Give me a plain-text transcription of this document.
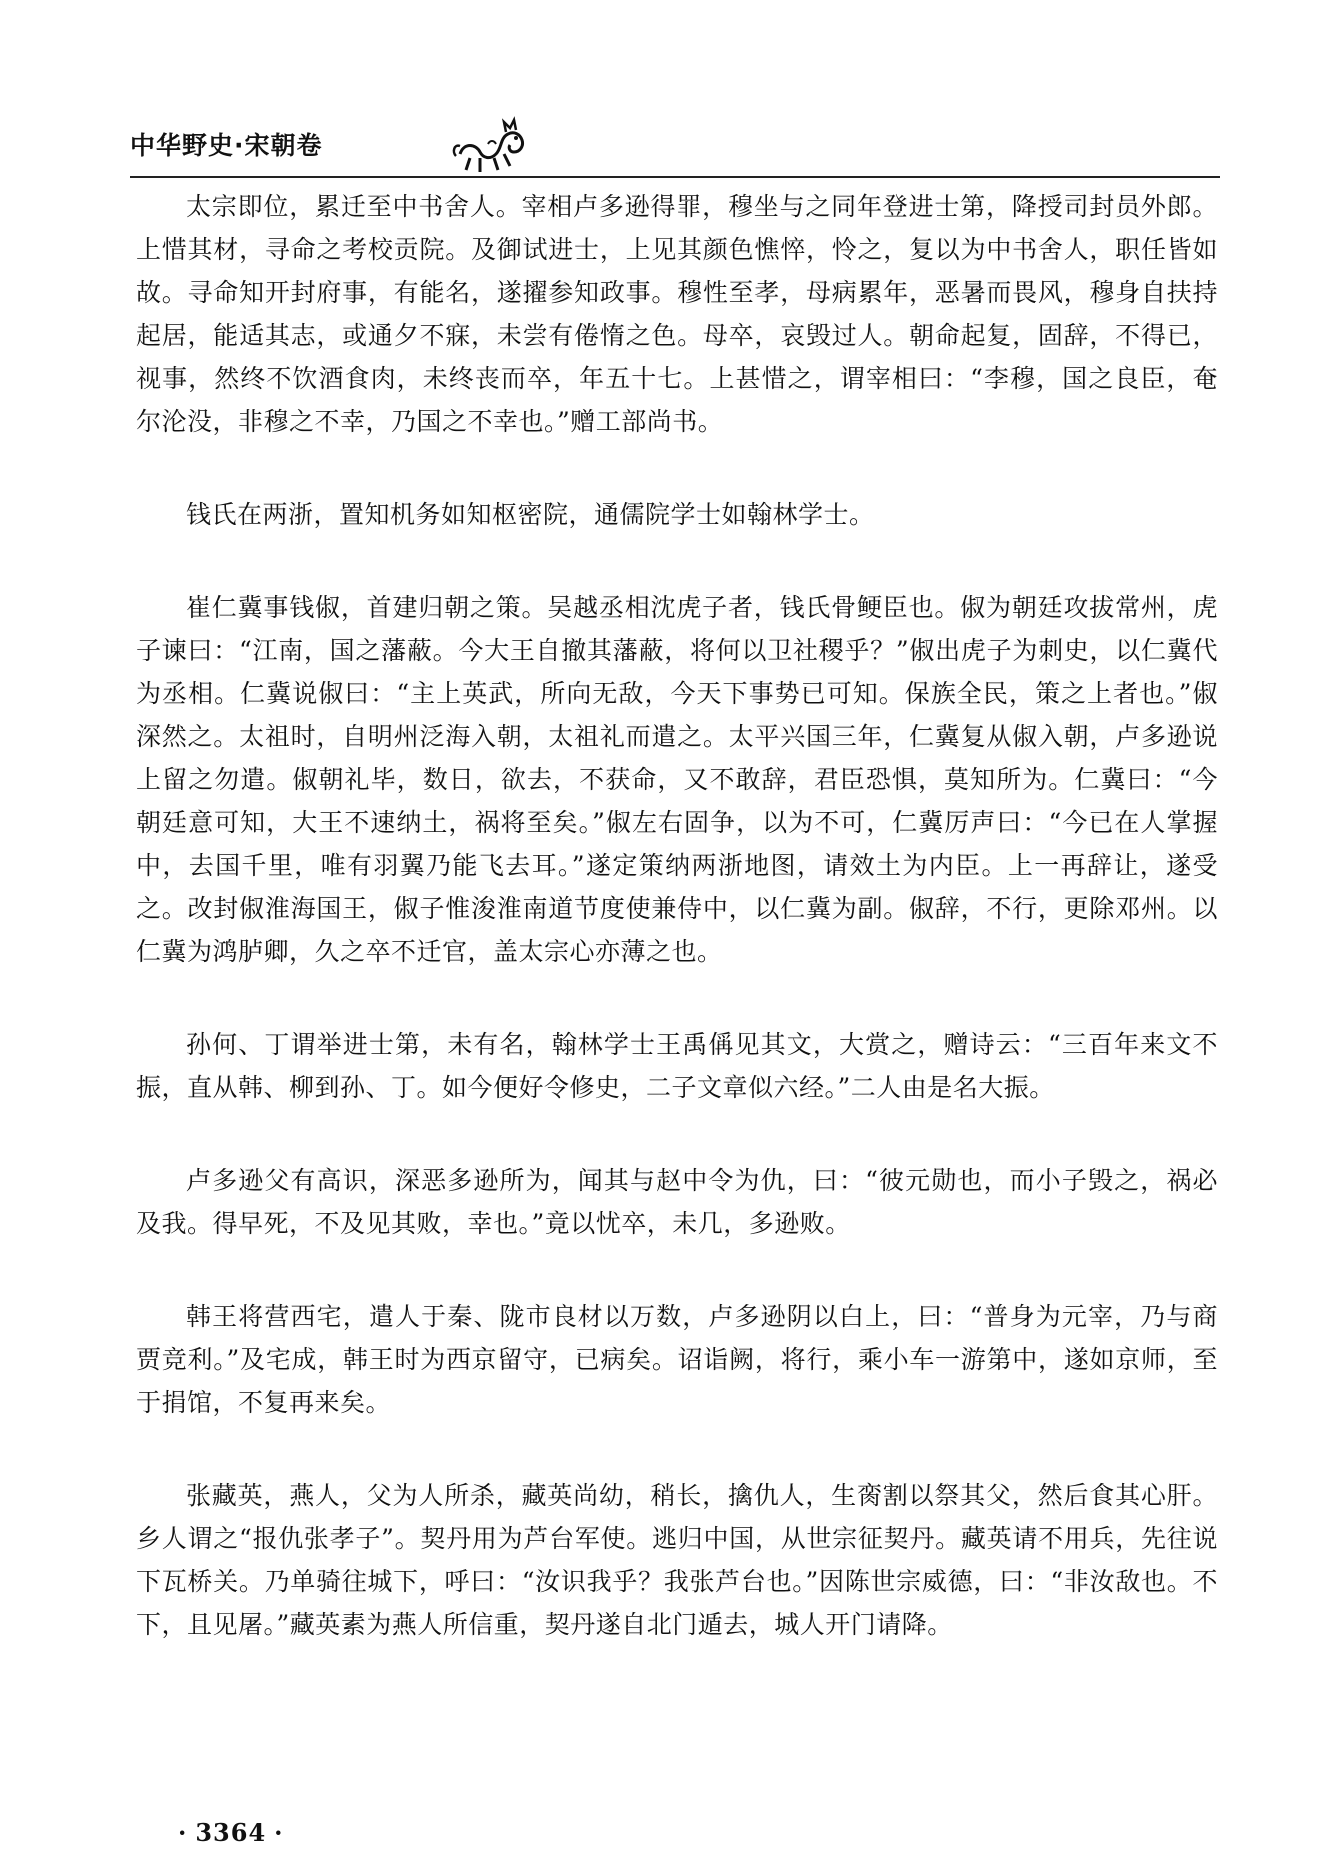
中华野史·宋朝卷

太宗即位，累迁至中书舍人。宰相卢多逊得罪，穆坐与之同年登进士第，降授司封员外郎。上惜其材，寻命之考校贡院。及御试进士，上见其颜色憔悴，怜之，复以为中书舍人，职任皆如故。寻命知开封府事，有能名，遂擢参知政事。穆性至孝，母病累年，恶暑而畏风，穆身自扶持起居，能适其志，或通夕不寐，未尝有倦惰之色。母卒，哀毁过人。朝命起复，固辞，不得已，视事，然终不饮酒食肉，未终丧而卒，年五十七。上甚惜之，谓宰相曰：“李穆，国之良臣，奄尔沦没，非穆之不幸，乃国之不幸也。”赠工部尚书。

钱氏在两浙，置知机务如知枢密院，通儒院学士如翰林学士。

崔仁冀事钱俶，首建归朝之策。吴越丞相沈虎子者，钱氏骨鲠臣也。俶为朝廷攻拔常州，虎子谏曰：“江南，国之藩蔽。今大王自撤其藩蔽，将何以卫社稷乎？”俶出虎子为刺史，以仁冀代为丞相。仁冀说俶曰：“主上英武，所向无敌，今天下事势已可知。保族全民，策之上者也。”俶深然之。太祖时，自明州泛海入朝，太祖礼而遣之。太平兴国三年，仁冀复从俶入朝，卢多逊说上留之勿遣。俶朝礼毕，数日，欲去，不获命，又不敢辞，君臣恐惧，莫知所为。仁冀曰：“今朝廷意可知，大王不速纳土，祸将至矣。”俶左右固争，以为不可，仁冀厉声曰：“今已在人掌握中，去国千里，唯有羽翼乃能飞去耳。”遂定策纳两浙地图，请效土为内臣。上一再辞让，遂受之。改封俶淮海国王，俶子惟浚淮南道节度使兼侍中，以仁冀为副。俶辞，不行，更除邓州。以仁冀为鸿胪卿，久之卒不迁官，盖太宗心亦薄之也。

孙何、丁谓举进士第，未有名，翰林学士王禹偁见其文，大赏之，赠诗云：“三百年来文不振，直从韩、柳到孙、丁。如今便好令修史，二子文章似六经。”二人由是名大振。

卢多逊父有高识，深恶多逊所为，闻其与赵中令为仇，曰：“彼元勋也，而小子毁之，祸必及我。得早死，不及见其败，幸也。”竟以忧卒，未几，多逊败。

韩王将营西宅，遣人于秦、陇市良材以万数，卢多逊阴以白上，曰：“普身为元宰，乃与商贾竞利。”及宅成，韩王时为西京留守，已病矣。诏诣阙，将行，乘小车一游第中，遂如京师，至于捐馆，不复再来矣。

张藏英，燕人，父为人所杀，藏英尚幼，稍长，擒仇人，生脔割以祭其父，然后食其心肝。乡人谓之“报仇张孝子”。契丹用为芦台军使。逃归中国，从世宗征契丹。藏英请不用兵，先往说下瓦桥关。乃单骑往城下，呼曰：“汝识我乎？我张芦台也。”因陈世宗威德，曰：“非汝敌也。不下，且见屠。”藏英素为燕人所信重，契丹遂自北门遁去，城人开门请降。

· 3364 ·
